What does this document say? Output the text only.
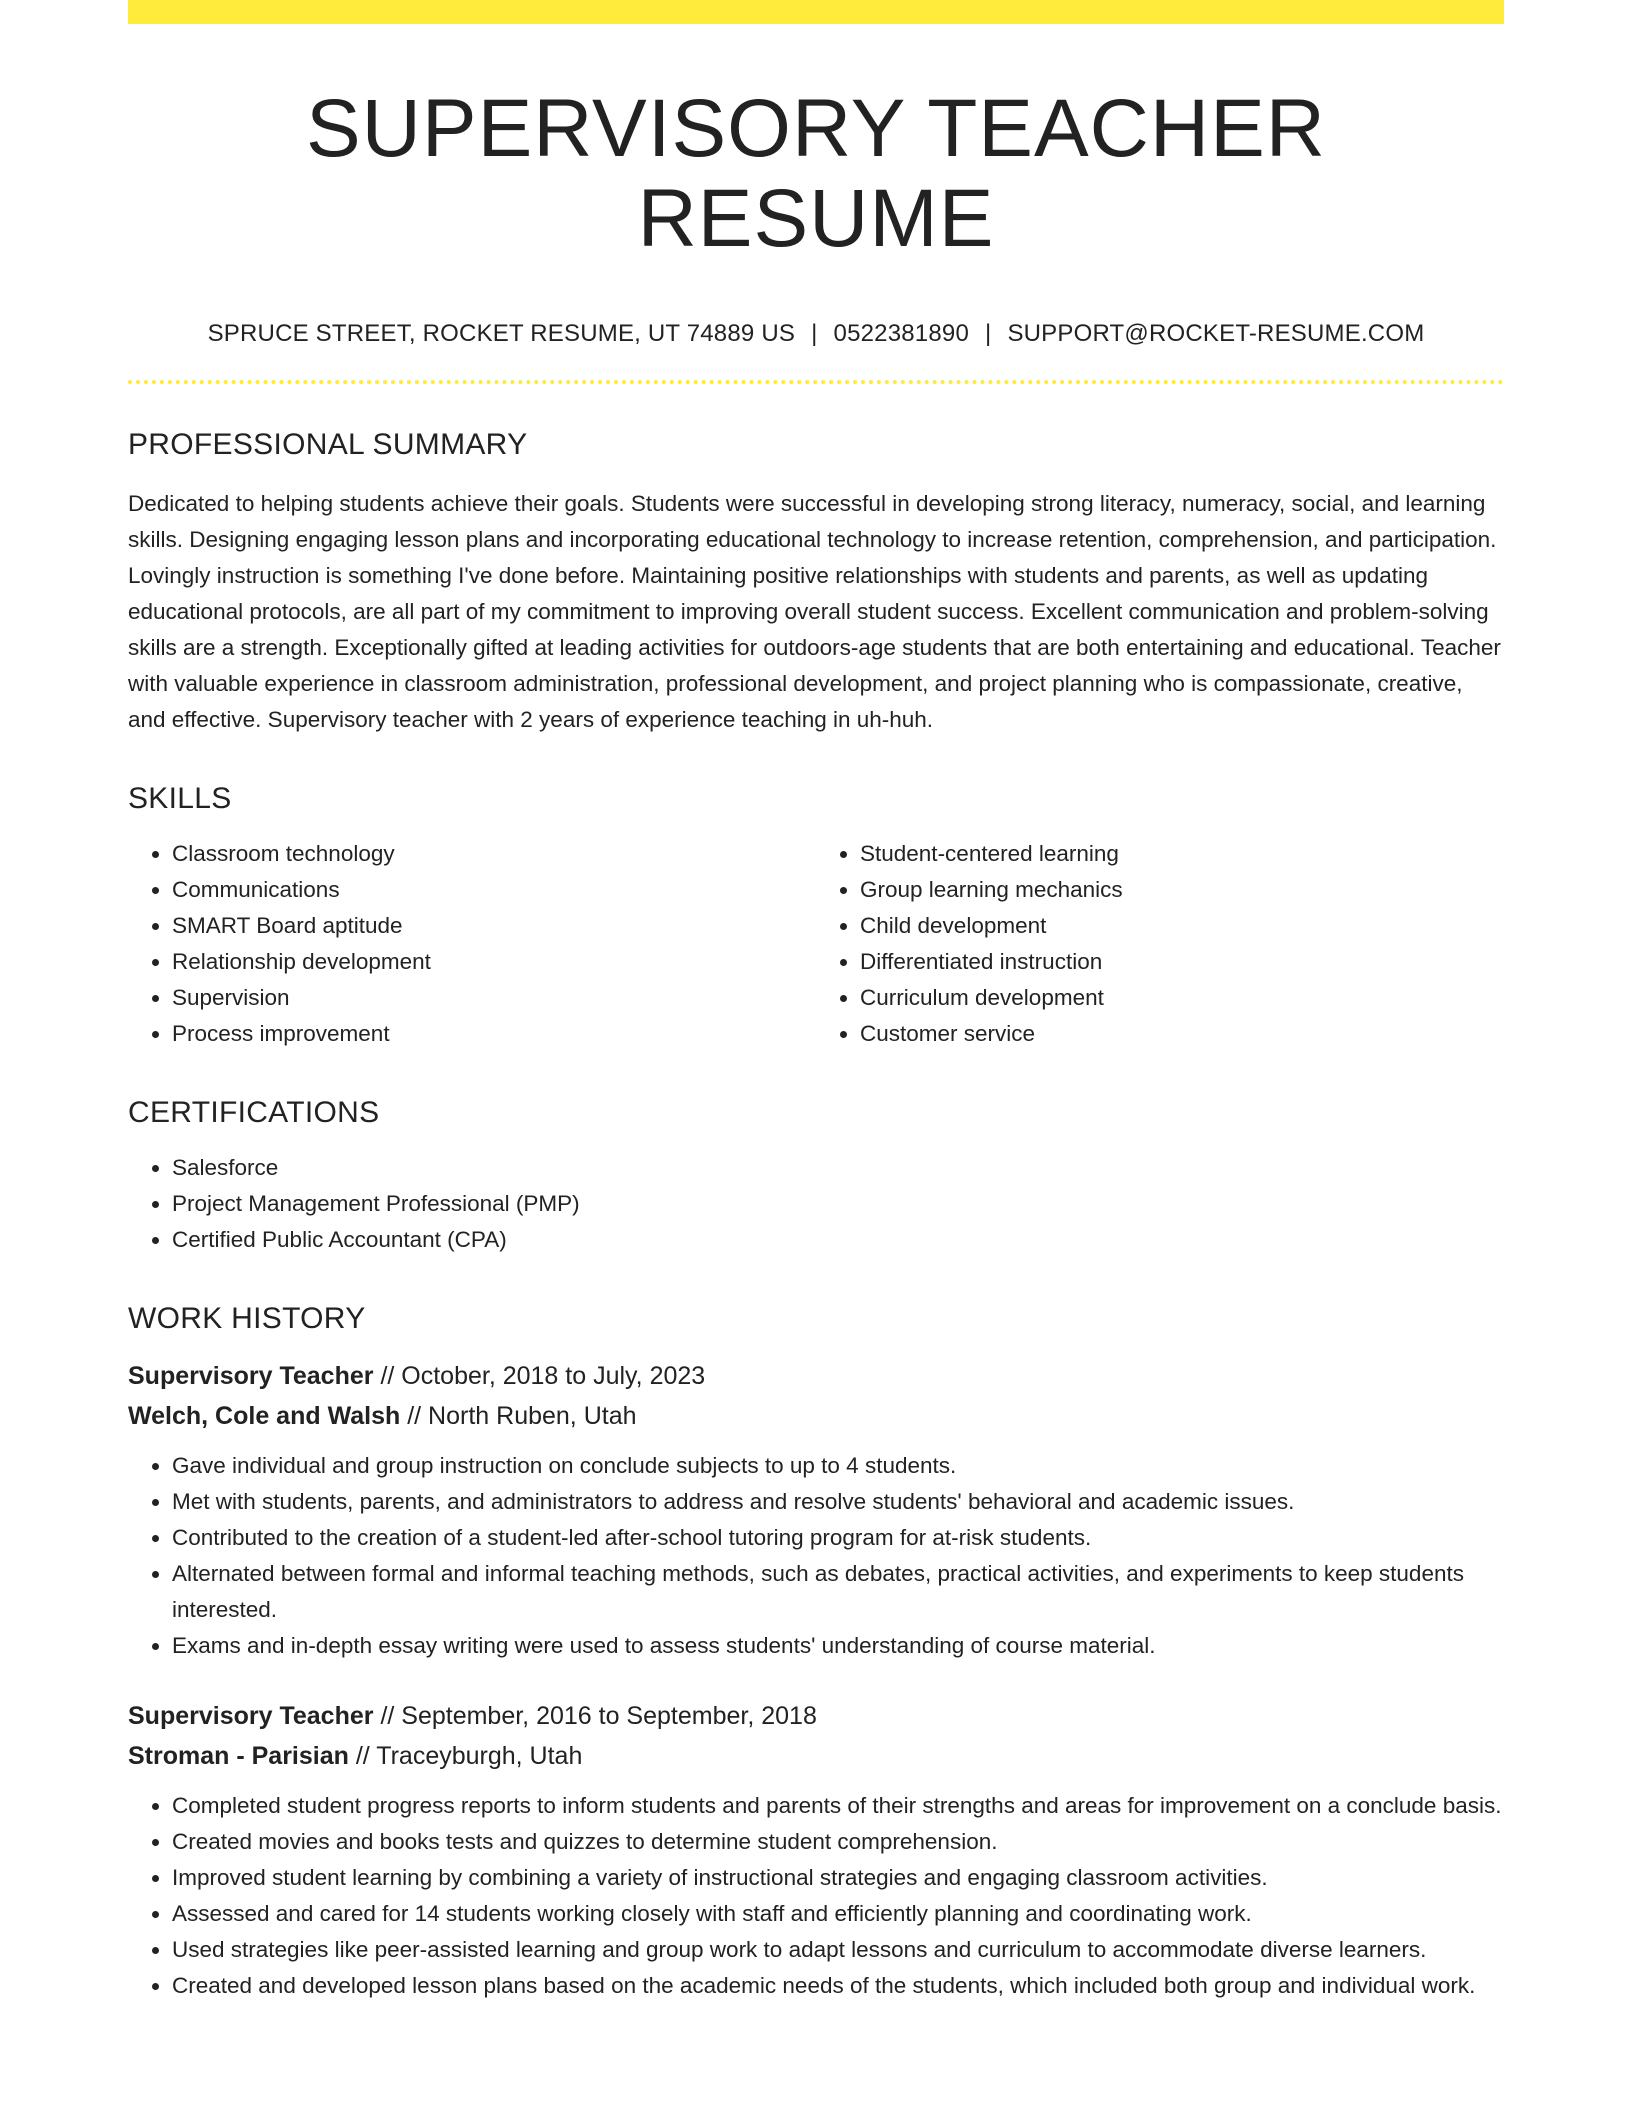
SUPERVISORY TEACHER RESUME
SPRUCE STREET, ROCKET RESUME, UT 74889 US | 0522381890 | SUPPORT@ROCKET-RESUME.COM
PROFESSIONAL SUMMARY

Dedicated to helping students achieve their goals. Students were successful in developing strong literacy, numeracy, social, and learning skills. Designing engaging lesson plans and incorporating educational technology to increase retention, comprehension, and participation. Lovingly instruction is something I've done before. Maintaining positive relationships with students and parents, as well as updating educational protocols, are all part of my commitment to improving overall student success. Excellent communication and problem-solving skills are a strength. Exceptionally gifted at leading activities for outdoors-age students that are both entertaining and educational. Teacher with valuable experience in classroom administration, professional development, and project planning who is compassionate, creative, and effective. Supervisory teacher with 2 years of experience teaching in uh-huh.

SKILLS
• Classroom technology
• Communications
• SMART Board aptitude
• Relationship development
• Supervision
• Process improvement
• Student-centered learning
• Group learning mechanics
• Child development
• Differentiated instruction
• Curriculum development
• Customer service
CERTIFICATIONS
• Salesforce
• Project Management Professional (PMP)
• Certified Public Accountant (CPA)
WORK HISTORY
Supervisory Teacher // October, 2018 to July, 2023
Welch, Cole and Walsh // North Ruben, Utah
• Gave individual and group instruction on conclude subjects to up to 4 students.
• Met with students, parents, and administrators to address and resolve students' behavioral and academic issues.
• Contributed to the creation of a student-led after-school tutoring program for at-risk students.
• Alternated between formal and informal teaching methods, such as debates, practical activities, and experiments to keep students interested.
• Exams and in-depth essay writing were used to assess students' understanding of course material.
Supervisory Teacher // September, 2016 to September, 2018
Stroman - Parisian // Traceyburgh, Utah
• Completed student progress reports to inform students and parents of their strengths and areas for improvement on a conclude basis.
• Created movies and books tests and quizzes to determine student comprehension.
• Improved student learning by combining a variety of instructional strategies and engaging classroom activities.
• Assessed and cared for 14 students working closely with staff and efficiently planning and coordinating work.
• Used strategies like peer-assisted learning and group work to adapt lessons and curriculum to accommodate diverse learners.
• Created and developed lesson plans based on the academic needs of the students, which included both group and individual work.
